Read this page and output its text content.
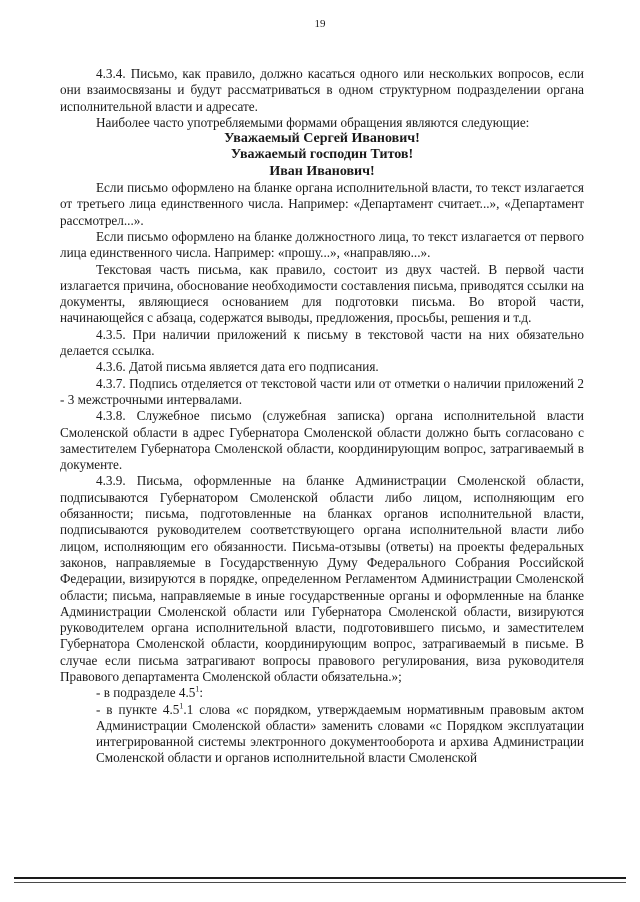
19

4.3.4. Письмо, как правило, должно касаться одного или нескольких вопросов, если они взаимосвязаны и будут рассматриваться в одном структурном подразделении органа исполнительной власти и адресате.

Наиболее часто употребляемыми формами обращения являются следующие:

Уважаемый Сергей Иванович!

Уважаемый господин Титов!

Иван Иванович!

Если письмо оформлено на бланке органа исполнительной власти, то текст излагается от третьего лица единственного числа. Например: «Департамент считает...», «Департамент рассмотрел...».

Если письмо оформлено на бланке должностного лица, то текст излагается от первого лица единственного числа. Например: «прошу...», «направляю...».

Текстовая часть письма, как правило, состоит из двух частей. В первой части излагается причина, обоснование необходимости составления письма, приводятся ссылки на документы, являющиеся основанием для подготовки письма. Во второй части, начинающейся с абзаца, содержатся выводы, предложения, просьбы, решения и т.д.

4.3.5. При наличии приложений к письму в текстовой части на них обязательно делается ссылка.

4.3.6. Датой письма является дата его подписания.

4.3.7. Подпись отделяется от текстовой части или от отметки о наличии приложений 2 - 3 межстрочными интервалами.

4.3.8. Служебное письмо (служебная записка) органа исполнительной власти Смоленской области в адрес Губернатора Смоленской области должно быть согласовано с заместителем Губернатора Смоленской области, координирующим вопрос, затрагиваемый в документе.

4.3.9. Письма, оформленные на бланке Администрации Смоленской области, подписываются Губернатором Смоленской области либо лицом, исполняющим его обязанности; письма, подготовленные на бланках органов исполнительной власти, подписываются руководителем соответствующего органа исполнительной власти либо лицом, исполняющим его обязанности. Письма-отзывы (ответы) на проекты федеральных законов, направляемые в Государственную Думу Федерального Собрания Российской Федерации, визируются в порядке, определенном Регламентом Администрации Смоленской области; письма, направляемые в иные государственные органы и оформленные на бланке Администрации Смоленской области или Губернатора Смоленской области, визируются руководителем органа исполнительной власти, подготовившего письмо, и заместителем Губернатора Смоленской области, координирующим вопрос, затрагиваемый в письме. В случае если письма затрагивают вопросы правового регулирования, виза руководителя Правового департамента Смоленской области обязательна.»;

- в подразделе $4.5^1$:

- в пункте $4.5^1.1$ слова «с порядком, утверждаемым нормативным правовым актом Администрации Смоленской области» заменить словами «с Порядком эксплуатации интегрированной системы электронного документооборота и архива Администрации Смоленской области и органов исполнительной власти Смоленской
